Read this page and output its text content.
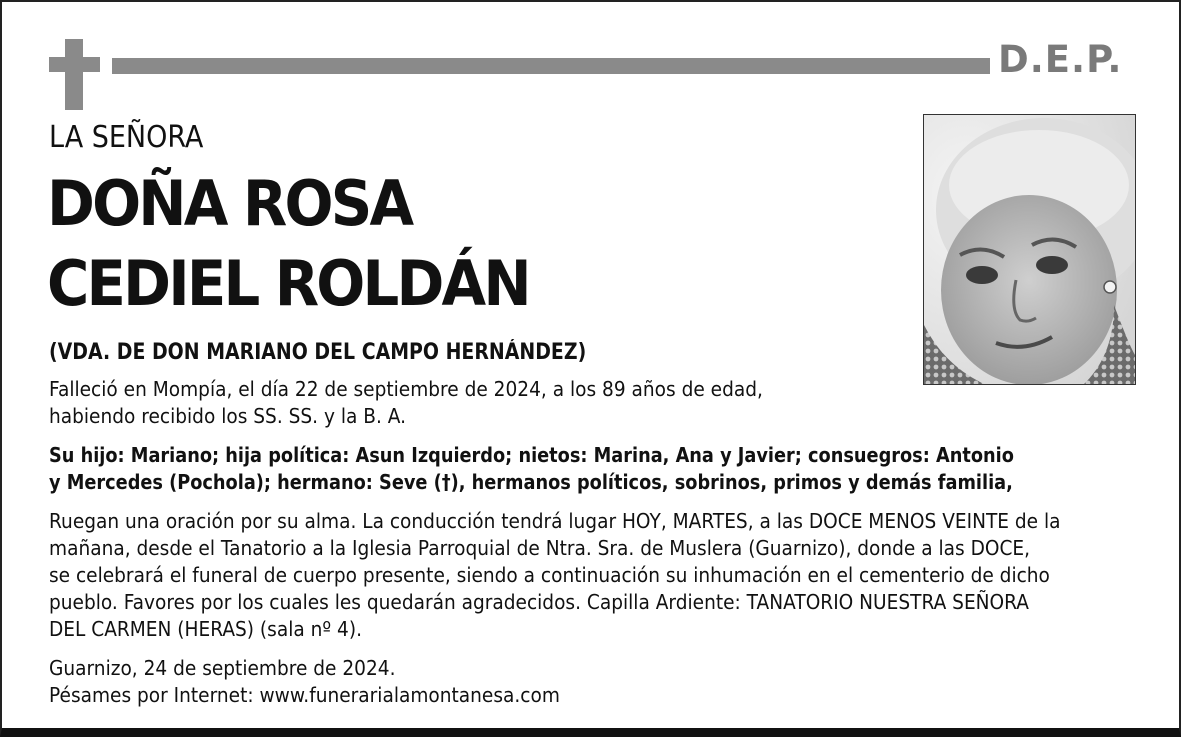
D.E.P.
LA SEÑORA
DOÑA ROSA
CEDIEL ROLDÁN
(VDA. DE DON MARIANO DEL CAMPO HERNÁNDEZ)
Falleció en Mompía, el día 22 de septiembre de 2024, a los 89 años de edad,
habiendo recibido los SS. SS. y la B. A.
Su hijo: Mariano; hija política: Asun Izquierdo; nietos: Marina, Ana y Javier; consuegros: Antonio
y Mercedes (Pochola); hermano: Seve (†), hermanos políticos, sobrinos, primos y demás familia,
Ruegan una oración por su alma. La conducción tendrá lugar HOY, MARTES, a las DOCE MENOS VEINTE de la
mañana, desde el Tanatorio a la Iglesia Parroquial de Ntra. Sra. de Muslera (Guarnizo), donde a las DOCE,
se celebrará el funeral de cuerpo presente, siendo a continuación su inhumación en el cementerio de dicho
pueblo. Favores por los cuales les quedarán agradecidos. Capilla Ardiente: TANATORIO NUESTRA SEÑORA
DEL CARMEN (HERAS) (sala nº 4).
Guarnizo, 24 de septiembre de 2024.
Pésames por Internet: www.funerarialamontanesa.com
